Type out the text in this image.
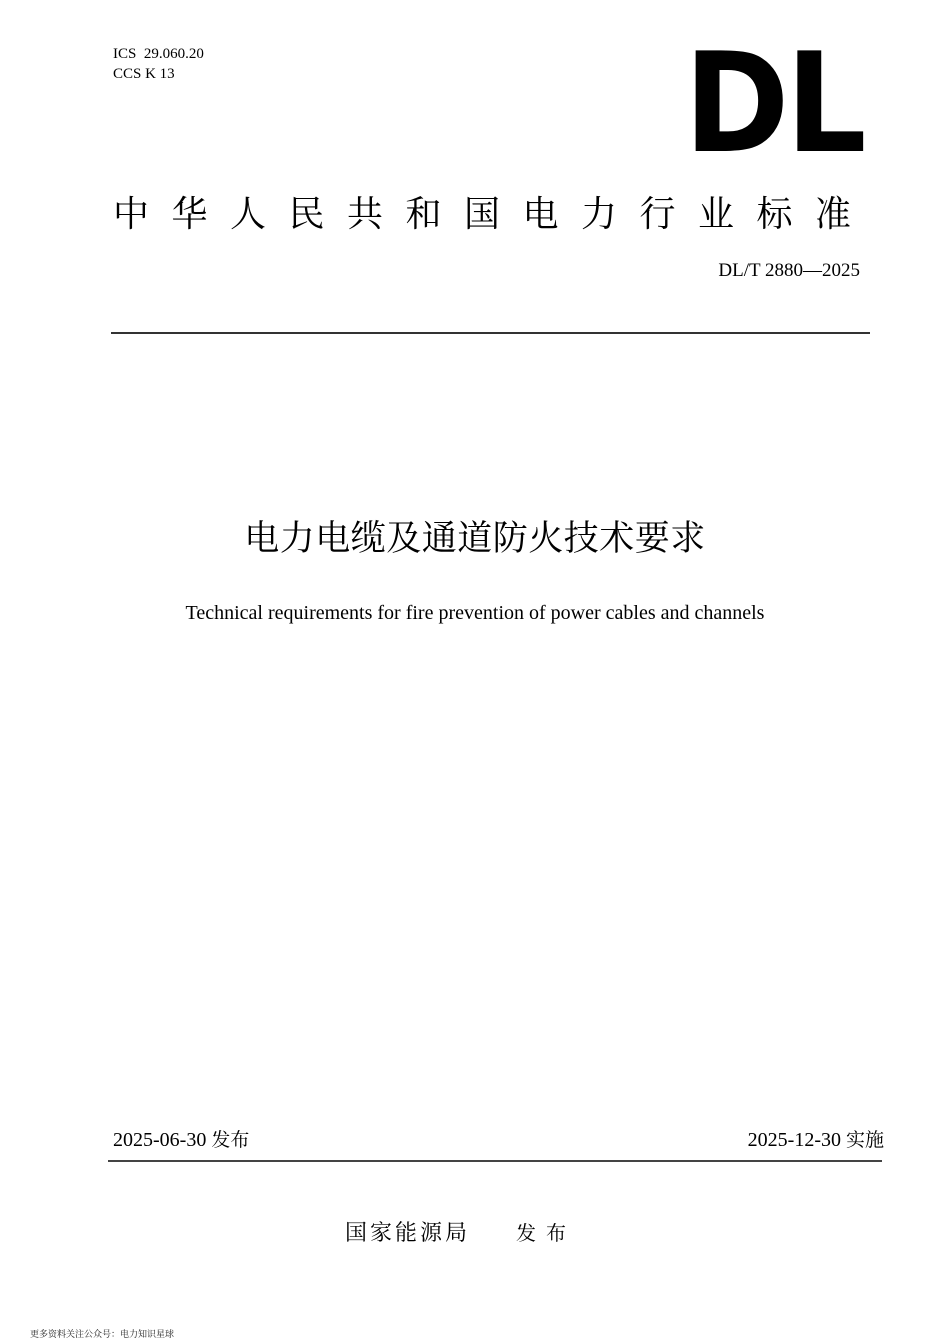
ICS  29.060.20
CCS K 13	DL
中华人民共和国电力行业标准
DL/T 2880—2025
电力电缆及通道防火技术要求
Technical requirements for fire prevention of power cables and channels
2025-06-30 发布	2025-12-30 实施
国家能源局 发布
更多资料关注公众号：电力知识星球
